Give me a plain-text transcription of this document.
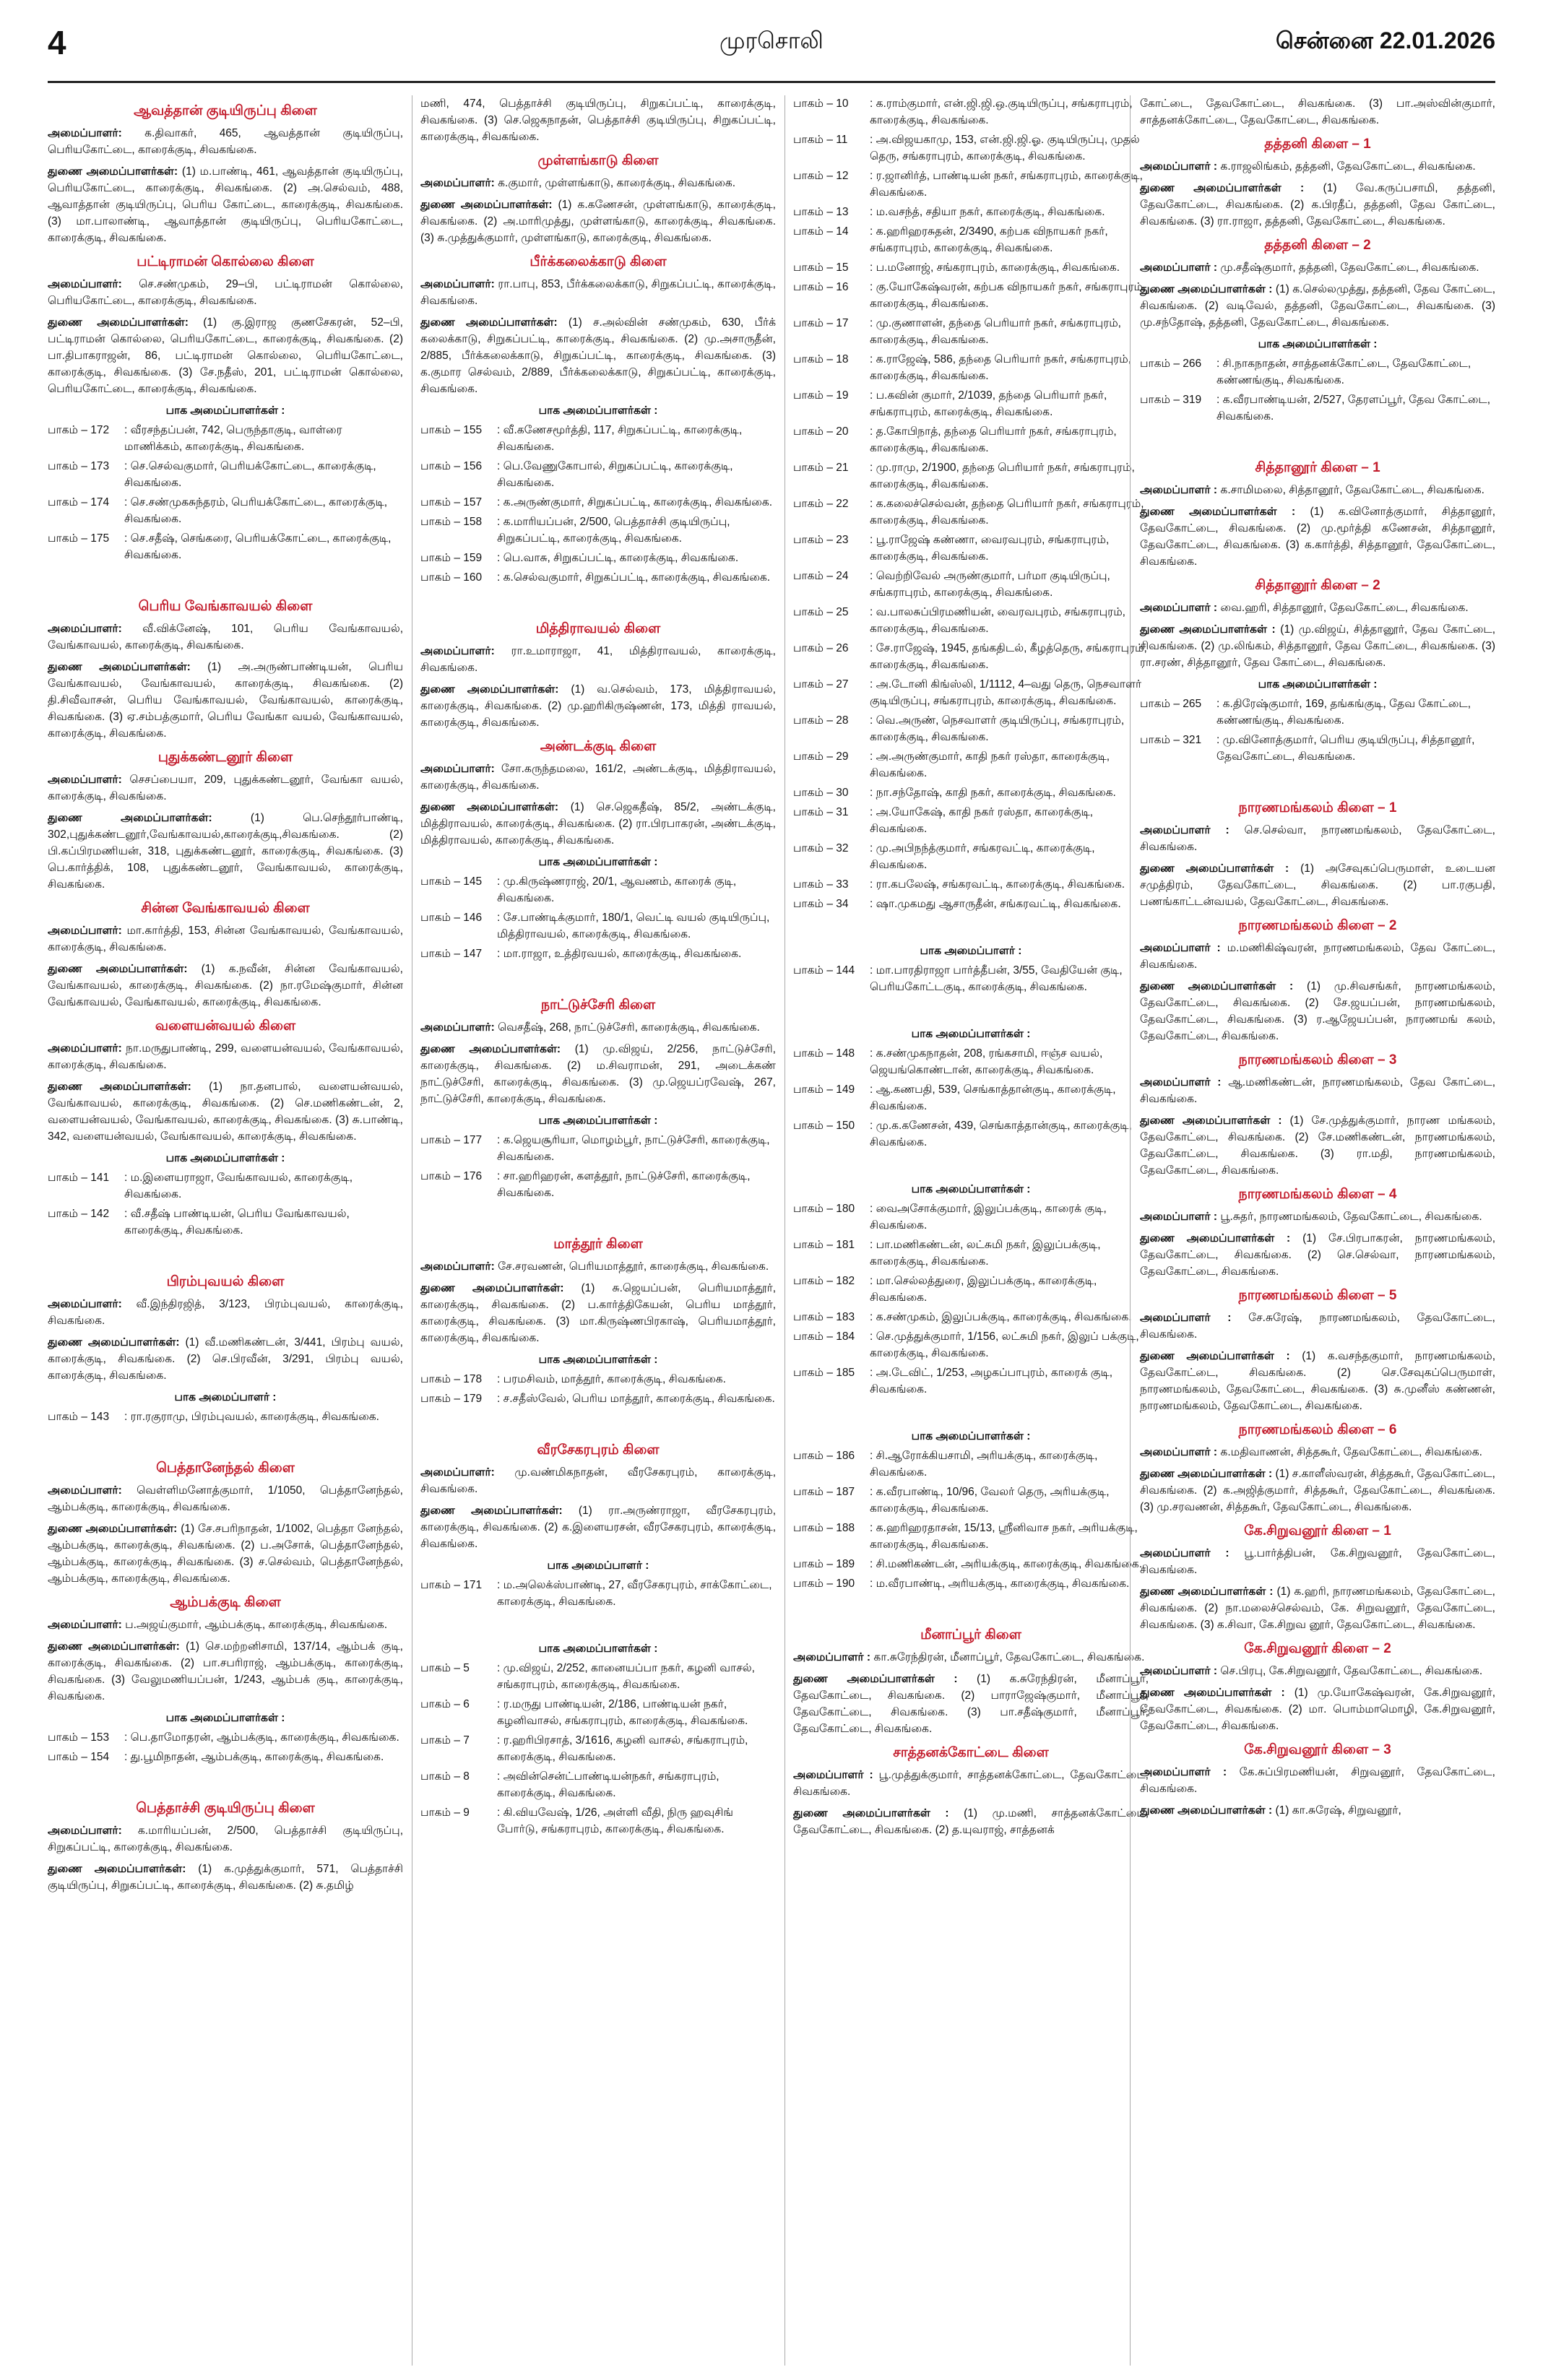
4	முரசொலி	சென்னை 22.01.2026
ஆவத்தான் குடியிருப்பு கிளை
அமைப்பாளர்: க.திவாகர், 465, ஆவத்தான் குடியிருப்பு, பெரியகோட்டை, காரைக்குடி, சிவகங்கை.
துணை அமைப்பாளர்கள்: (1) ம.பாண்டி, 461, ஆவத்தான் குடியிருப்பு, பெரியகோட்டை, காரைக்குடி, சிவகங்கை. (2) அ.செல்வம், 488, ஆவாத்தான் குடியிருப்பு, பெரிய கோட்டை, காரைக்குடி, சிவகங்கை. (3) மா.பாலாண்டி, ஆவாத்தான் குடியிருப்பு, பெரியகோட்டை, காரைக்குடி, சிவகங்கை.
பட்டிராமன் கொல்லை கிளை
அமைப்பாளர்: செ.சண்முகம், 29–பி, பட்டிராமன் கொல்லை, பெரியகோட்டை, காரைக்குடி, சிவகங்கை.
துணை அமைப்பாளர்கள்: (1) கு.இராஜ குணசேகரன், 52–பி, பட்டிராமன் கொல்லை, பெரியகோட்டை, காரைக்குடி, சிவகங்கை. (2) பா.திபாகராஜன், 86, பட்டிராமன் கொல்லை, பெரியகோட்டை, காரைக்குடி, சிவகங்கை. (3) சே.நதீஸ், 201, பட்டிராமன் கொல்லை, பெரியகோட்டை, காரைக்குடி, சிவகங்கை.
பாக அமைப்பாளர்கள் :
பாகம் – 172	: வீரசந்தப்பன், 742, பெருந்தாகுடி, வாள்ரை மாணிக்கம், காரைக்குடி, சிவகங்கை.
பாகம் – 173	: செ.செல்வகுமார், பெரியக்கோட்டை, காரைக்குடி, சிவகங்கை.
பாகம் – 174	: செ.சண்முகசுந்தரம், பெரியக்கோட்டை, காரைக்குடி, சிவகங்கை.
பாகம் – 175	: செ.சதீஷ், செங்கரை, பெரியக்கோட்டை, காரைக்குடி, சிவகங்கை.
பெரிய வேங்காவயல் கிளை
அமைப்பாளர்: வீ.விக்னேஷ், 101, பெரிய வேங்காவயல், வேங்காவயல், காரைக்குடி, சிவகங்கை.
துணை அமைப்பாளர்கள்: (1) அ.அருண்பாண்டியன், பெரிய வேங்காவயல், வேங்காவயல், காரைக்குடி, சிவகங்கை. (2) தி.சிவீவாசன், பெரிய வேங்காவயல், வேங்காவயல், காரைக்குடி, சிவகங்கை. (3) ஏ.சம்பத்குமார், பெரிய வேங்கா வயல், வேங்காவயல், காரைக்குடி, சிவகங்கை.
புதுக்கண்டனூர் கிளை
அமைப்பாளர்: செசப்பையா, 209, புதுக்கண்டனூர், வேங்கா வயல், காரைக்குடி, சிவகங்கை.
துணை அமைப்பாளர்கள்:	(1) பெ.செந்தூர்பாண்டி, 302,புதுக்கண்டனூர்,வேங்காவயல்,காரைக்குடி,சிவகங்கை. (2) பி.கப்பிரமணியன், 318, புதுக்கண்டனூர், காரைக்குடி, சிவகங்கை. (3) பெ.கார்த்திக், 108, புதுக்கண்டனூர், வேங்காவயல், காரைக்குடி, சிவகங்கை.
சின்ன வேங்காவயல் கிளை
அமைப்பாளர்: மா.கார்த்தி, 153, சின்ன வேங்காவயல், வேங்காவயல், காரைக்குடி, சிவகங்கை.
துணை அமைப்பாளர்கள்: (1) க.நவீன், சின்ன வேங்காவயல், வேங்காவயல், காரைக்குடி, சிவகங்கை. (2) நா.ரமேஷ்குமார், சின்ன வேங்காவயல், வேங்காவயல், காரைக்குடி, சிவகங்கை.
வளையன்வயல் கிளை
அமைப்பாளர்: நா.மருதுபாண்டி, 299, வளையன்வயல், வேங்காவயல், காரைக்குடி, சிவகங்கை.
துணை அமைப்பாளர்கள்: (1) நா.தனபால், வளையன்வயல், வேங்காவயல், காரைக்குடி, சிவகங்கை. (2) செ.மணிகண்டன், 2, வளையன்வயல், வேங்காவயல், காரைக்குடி, சிவகங்கை. (3) சு.பாண்டி, 342, வளையன்வயல், வேங்காவயல், காரைக்குடி, சிவகங்கை.
பாக அமைப்பாளர்கள் :
பாகம் – 141	: ம.இளையராஜா, வேங்காவயல், காரைக்குடி, சிவகங்கை.
பாகம் – 142	: வீ.சதீஷ் பாண்டியன், பெரிய வேங்காவயல், காரைக்குடி, சிவகங்கை.
பிரம்புவயல் கிளை
அமைப்பாளர்: வீ.இந்திரஜித், 3/123, பிரம்புவயல், காரைக்குடி, சிவகங்கை.
துணை அமைப்பாளர்கள்: (1) வீ.மணிகண்டன், 3/441, பிரம்பு வயல், காரைக்குடி, சிவகங்கை. (2) செ.பிரவீன், 3/291, பிரம்பு வயல், காரைக்குடி, சிவகங்கை.
பாக அமைப்பாளர் :
பாகம் – 143	: ரா.ரகுராமு, பிரம்புவயல், காரைக்குடி, சிவகங்கை.
பெத்தானேந்தல் கிளை
அமைப்பாளர்: வெள்ளிமனோத்குமார், 1/1050, பெத்தானேந்தல், ஆம்பக்குடி, காரைக்குடி, சிவகங்கை.
துணை அமைப்பாளர்கள்: (1) சே.சபரிநாதன், 1/1002, பெத்தா னேந்தல், ஆம்பக்குடி, காரைக்குடி, சிவகங்கை. (2) ப.அசோக், பெத்தானேந்தல், ஆம்பக்குடி, காரைக்குடி, சிவகங்கை. (3) ச.செல்வம், பெத்தானேந்தல், ஆம்பக்குடி, காரைக்குடி, சிவகங்கை.
ஆம்பக்குடி கிளை
அமைப்பாளர்: ப.அஜய்குமார், ஆம்பக்குடி, காரைக்குடி, சிவகங்கை.
துணை அமைப்பாளர்கள்: (1) செ.மற்றனிசாமி, 137/14, ஆம்பக் குடி, காரைக்குடி, சிவகங்கை. (2) பா.சபரிராஜ், ஆம்பக்குடி, காரைக்குடி, சிவகங்கை. (3) வேலுமணியப்பன், 1/243, ஆம்பக் குடி, காரைக்குடி, சிவகங்கை.
பாக அமைப்பாளர்கள் :
பாகம் – 153	: பெ.தாமோதரன், ஆம்பக்குடி, காரைக்குடி, சிவகங்கை.
பாகம் – 154	: து.பூமிநாதன், ஆம்பக்குடி, காரைக்குடி, சிவகங்கை.
பெத்தாச்சி குடியிருப்பு கிளை
அமைப்பாளர்: க.மாரியப்பன், 2/500, பெத்தாச்சி குடியிருப்பு, சிறுகப்பட்டி, காரைக்குடி, சிவகங்கை.
துணை அமைப்பாளர்கள்: (1) க.முத்துக்குமார், 571, பெத்தாச்சி குடியிருப்பு, சிறுகப்பட்டி, காரைக்குடி, சிவகங்கை. (2) சு.தமிழ்
மணி, 474, பெத்தாச்சி குடியிருப்பு, சிறுகப்பட்டி, காரைக்குடி, சிவகங்கை. (3) செ.ஜெகநாதன், பெத்தாச்சி குடியிருப்பு, சிறுகப்பட்டி, காரைக்குடி, சிவகங்கை.
முள்ளங்காடு கிளை
அமைப்பாளர்: க.குமார், முள்ளங்காடு, காரைக்குடி, சிவகங்கை.
துணை அமைப்பாளர்கள்: (1) க.கணேசன், முள்ளங்காடு, காரைக்குடி, சிவகங்கை. (2) அ.மாரிமுத்து, முள்ளங்காடு, காரைக்குடி, சிவகங்கை. (3) சு.முத்துக்குமார், முள்ளங்காடு, காரைக்குடி, சிவகங்கை.
பீர்க்கலைக்காடு கிளை
அமைப்பாளர்: ரா.பாபு, 853, பீர்க்கலைக்காடு, சிறுகப்பட்டி, காரைக்குடி, சிவகங்கை.
துணை அமைப்பாளர்கள்: (1) ச.அல்வின் சண்முகம், 630, பீர்க் கலைக்காடு, சிறுகப்பட்டி, காரைக்குடி, சிவகங்கை. (2) மு.அசாருதீன், 2/885, பீர்க்கலைக்காடு, சிறுகப்பட்டி, காரைக்குடி, சிவகங்கை. (3) க.குமார செல்வம், 2/889, பீர்க்கலைக்காடு, சிறுகப்பட்டி, காரைக்குடி, சிவகங்கை.
பாக அமைப்பாளர்கள் :
பாகம் – 155	: வீ.கணேசமூர்த்தி, 117, சிறுகப்பட்டி, காரைக்குடி, சிவகங்கை.
பாகம் – 156	: பெ.வேணுகோபால், சிறுகப்பட்டி, காரைக்குடி, சிவகங்கை.
பாகம் – 157	: க.அருண்குமார், சிறுகப்பட்டி, காரைக்குடி, சிவகங்கை.
பாகம் – 158	: க.மாரியப்பன், 2/500, பெத்தாச்சி குடியிருப்பு, சிறுகப்பட்டி, காரைக்குடி, சிவகங்கை.
பாகம் – 159	: பெ.வாசு, சிறுகப்பட்டி, காரைக்குடி, சிவகங்கை.
பாகம் – 160	: க.செல்வகுமார், சிறுகப்பட்டி, காரைக்குடி, சிவகங்கை.
மித்திராவயல் கிளை
அமைப்பாளர்: ரா.உமாராஜா, 41, மித்திராவயல், காரைக்குடி, சிவகங்கை.
துணை அமைப்பாளர்கள்: (1) வ.செல்வம், 173, மித்திராவயல், காரைக்குடி, சிவகங்கை. (2) மு.ஹரிகிருஷ்ணன், 173, மித்தி ராவயல், காரைக்குடி, சிவகங்கை.
அண்டக்குடி கிளை
அமைப்பாளர்: சோ.கருந்தமலை, 161/2, அண்டக்குடி, மித்திராவயல், காரைக்குடி, சிவகங்கை.
துணை அமைப்பாளர்கள்: (1) செ.ஜெகதீஷ், 85/2, அண்டக்குடி, மித்திராவயல், காரைக்குடி, சிவகங்கை. (2) ரா.பிரபாகரன், அண்டக்குடி, மித்திராவயல், காரைக்குடி, சிவகங்கை.
பாக அமைப்பாளர்கள் :
பாகம் – 145	: மு.கிருஷ்ணராஜ், 20/1, ஆவணம், காரைக் குடி, சிவகங்கை.
பாகம் – 146	: சே.பாண்டிக்குமார், 180/1, வெட்டி வயல் குடியிருப்பு, மித்திராவயல், காரைக்குடி, சிவகங்கை.
பாகம் – 147	: மா.ராஜா, உத்திரவயல், காரைக்குடி, சிவகங்கை.
நாட்டுச்சேரி கிளை
அமைப்பாளர்: வெசதீஷ், 268, நாட்டுச்சேரி, காரைக்குடி, சிவகங்கை.
துணை அமைப்பாளர்கள்: (1) மு.விஜய், 2/256, நாட்டுச்சேரி, காரைக்குடி, சிவகங்கை. (2) ம.சிவராமன், 291, அடைக்கண் நாட்டுச்சேரி, காரைக்குடி, சிவகங்கை. (3) மு.ஜெயப்ரவேஷ், 267, நாட்டுச்சேரி, காரைக்குடி, சிவகங்கை.
பாக அமைப்பாளர்கள் :
பாகம் – 177	: க.ஜெயசூரியா, மொழம்பூர், நாட்டுச்சேரி, காரைக்குடி, சிவகங்கை.
பாகம் – 176	: சா.ஹரிஹரன், களத்தூர், நாட்டுச்சேரி, காரைக்குடி, சிவகங்கை.
மாத்தூர் கிளை
அமைப்பாளர்: சே.சரவணன், பெரியமாத்தூர், காரைக்குடி, சிவகங்கை.
துணை அமைப்பாளர்கள்: (1) சு.ஜெயப்பன், பெரியமாத்தூர், காரைக்குடி, சிவகங்கை. (2) ப.கார்த்திகேயன், பெரிய மாத்தூர், காரைக்குடி, சிவகங்கை. (3) மா.கிருஷ்ணபிரகாஷ், பெரியமாத்தூர், காரைக்குடி, சிவகங்கை.
பாக அமைப்பாளர்கள் :
பாகம் – 178	: பரமசிவம், மாத்தூர், காரைக்குடி, சிவகங்கை.
பாகம் – 179	: ச.சதீஸ்வேல், பெரிய மாத்தூர், காரைக்குடி, சிவகங்கை.
வீரசேகரபுரம் கிளை
அமைப்பாளர்: மு.வண்மிகநாதன், வீரசேகரபுரம், காரைக்குடி, சிவகங்கை.
துணை அமைப்பாளர்கள்: (1) ரா.அருண்ராஜா, வீரசேகரபுரம், காரைக்குடி, சிவகங்கை. (2) க.இளையரசன், வீரசேகரபுரம், காரைக்குடி, சிவகங்கை.
பாக அமைப்பாளர் :
பாகம் – 171	: ம.அலெக்ஸ்பாண்டி, 27, வீரசேகரபுரம், சாக்கோட்டை, காரைக்குடி, சிவகங்கை.
பாக அமைப்பாளர்கள் :
பாகம் – 5	: மு.விஜய், 2/252, கானையப்பா நகர், கழனி வாசல், சங்கராபுரம், காரைக்குடி, சிவகங்கை.
பாகம் – 6	: ர.மருது பாண்டியன், 2/186, பாண்டியன் நகர், கழனிவாசல், சங்கராபுரம், காரைக்குடி, சிவகங்கை.
பாகம் – 7	: ர.ஹரிபிரசாத், 3/1616, கழனி வாசல், சங்கராபுரம், காரைக்குடி, சிவகங்கை.
பாகம் – 8	: அவின்சென்ட்பாண்டியன்நகர், சங்கராபுரம், காரைக்குடி, சிவகங்கை.
பாகம் – 9	: கி.வியவேஷ், 1/26, அள்ளி வீதி, நிரு ஹவுசிங் போர்டு, சங்கராபுரம், காரைக்குடி, சிவகங்கை.
பாகம் – 10	: க.ராம்குமார், என்.ஜி.ஜி.ஒ.குடியிருப்பு, சங்கராபுரம், காரைக்குடி, சிவகங்கை.
பாகம் – 11	: அ.விஜயகாமு, 153, என்.ஜி.ஜி.ஓ. குடியிருப்பு, முதல் தெரு, சங்கராபுரம், காரைக்குடி, சிவகங்கை.
பாகம் – 12	: ர.ஜானிர்த், பாண்டியன் நகர், சங்கராபுரம், காரைக்குடி, சிவகங்கை.
பாகம் – 13	: ம.வசந்த், சதியா நகர், காரைக்குடி, சிவகங்கை.
பாகம் – 14	: க.ஹரிஹரசுதன், 2/3490, கற்பக விநாயகர் நகர், சங்கராபுரம், காரைக்குடி, சிவகங்கை.
பாகம் – 15	: ப.மனோஜ், சங்கராபுரம், காரைக்குடி, சிவகங்கை.
பாகம் – 16	: கு.யோகேஷ்வரன், கற்பக விநாயகர் நகர், சங்கராபுரம், காரைக்குடி, சிவகங்கை.
பாகம் – 17	: மு.குணாளன், தந்தை பெரியார் நகர், சங்கராபுரம், காரைக்குடி, சிவகங்கை.
பாகம் – 18	: க.ராஜேஷ், 586, தந்தை பெரியார் நகர், சங்கராபுரம், காரைக்குடி, சிவகங்கை.
பாகம் – 19	: ப.கவின் குமார், 2/1039, தந்தை பெரியார் நகர், சங்கராபுரம், காரைக்குடி, சிவகங்கை.
பாகம் – 20	: த.கோபிநாத், தந்தை பெரியார் நகர், சங்கராபுரம், காரைக்குடி, சிவகங்கை.
பாகம் – 21	: மு.ராமு, 2/1900, தந்தை பெரியார் நகர், சங்கராபுரம், காரைக்குடி, சிவகங்கை.
பாகம் – 22	: க.கலைச்செல்வன், தந்தை பெரியார் நகர், சங்கராபுரம், காரைக்குடி, சிவகங்கை.
பாகம் – 23	: பூ.ராஜேஷ் கண்ணா, வைரவபுரம், சங்கராபுரம், காரைக்குடி, சிவகங்கை.
பாகம் – 24	: வெற்றிவேல் அருண்குமார், பர்மா குடியிருப்பு, சங்கராபுரம், காரைக்குடி, சிவகங்கை.
பாகம் – 25	: வ.பாலசுப்பிரமணியன், வைரவபுரம், சங்கராபுரம், காரைக்குடி, சிவகங்கை.
பாகம் – 26	: சே.ராஜேஷ், 1945, தங்கதிடல், கீழத்தெரு, சங்கராபுரம், காரைக்குடி, சிவகங்கை.
பாகம் – 27	: அ.டோனி கிங்ஸ்லி, 1/1112, 4–வது தெரு, நெசவாளர் குடியிருப்பு, சங்கராபுரம், காரைக்குடி, சிவகங்கை.
பாகம் – 28	: வெ.அருண், நெசவாளர் குடியிருப்பு, சங்கராபுரம், காரைக்குடி, சிவகங்கை.
பாகம் – 29	: அ.அருண்குமார், காதி நகர் ரஸ்தா, காரைக்குடி, சிவகங்கை.
பாகம் – 30	: நா.சந்தோஷ், காதி நகர், காரைக்குடி, சிவகங்கை.
பாகம் – 31	: அ.யோகேஷ், காதி நகர் ரஸ்தா, காரைக்குடி, சிவகங்கை.
பாகம் – 32	: மு.அபிநந்த்குமார், சங்கரவட்டி, காரைக்குடி, சிவகங்கை.
பாகம் – 33	: ரா.கபலேஷ், சங்கரவட்டி, காரைக்குடி, சிவகங்கை.
பாகம் – 34	: ஷா.முகமது ஆசாருதீன், சங்கரவட்டி, சிவகங்கை.
பாக அமைப்பாளர் :
பாகம் – 144	: மா.பாரதிராஜா பார்த்தீபன், 3/55, வேதியேன் குடி, பெரியகோட்டகுடி, காரைக்குடி, சிவகங்கை.
பாக அமைப்பாளர்கள் :
பாகம் – 148	: க.சண்முகநாதன், 208, ரங்கசாமி, ஈஞ்ச வயல், ஜெயங்கொண்டான், காரைக்குடி, சிவகங்கை.
பாகம் – 149	: ஆ.கணபதி, 539, செங்காத்தான்குடி, காரைக்குடி, சிவகங்கை.
பாகம் – 150	: மு.க.கணேசன், 439, செங்காத்தான்குடி, காரைக்குடி, சிவகங்கை.
பாக அமைப்பாளர்கள் :
பாகம் – 180	: வைஅசோக்குமார், இலுப்பக்குடி, காரைக் குடி, சிவகங்கை.
பாகம் – 181	: பா.மணிகண்டன், லட்சுமி நகர், இலுப்பக்குடி, காரைக்குடி, சிவகங்கை.
பாகம் – 182	: மா.செல்லத்துரை, இலுப்பக்குடி, காரைக்குடி, சிவகங்கை.
பாகம் – 183	: க.சண்முகம், இலுப்பக்குடி, காரைக்குடி, சிவகங்கை.
பாகம் – 184	: செ.முத்துக்குமார், 1/156, லட்சுமி நகர், இலுப் பக்குடி, காரைக்குடி, சிவகங்கை.
பாகம் – 185	: அ.டேவிட், 1/253, அழகப்பாபுரம், காரைக் குடி, சிவகங்கை.
பாக அமைப்பாளர்கள் :
பாகம் – 186	: சி.ஆரோக்கியசாமி, அரியக்குடி, காரைக்குடி, சிவகங்கை.
பாகம் – 187	: க.வீரபாண்டி, 10/96, வேலர் தெரு, அரியக்குடி, காரைக்குடி, சிவகங்கை.
பாகம் – 188	: க.ஹரிஹரதாசன், 15/13, ஸ்ரீனிவாச நகர், அரியக்குடி, காரைக்குடி, சிவகங்கை.
பாகம் – 189	: சி.மணிகண்டன், அரியக்குடி, காரைக்குடி, சிவகங்கை.
பாகம் – 190	: ம.வீரபாண்டி, அரியக்குடி, காரைக்குடி, சிவகங்கை.
மீனாப்பூர் கிளை
அமைப்பாளர் : கா.சுரேந்திரன், மீனாப்பூர், தேவகோட்டை, சிவகங்கை.
துணை அமைப்பாளர்கள் : (1) க.சுரேந்திரன், மீனாப்பூர், தேவகோட்டை, சிவகங்கை. (2) பாராஜேஷ்குமார், மீனாப்பூர், தேவகோட்டை, சிவகங்கை. (3) பா.சதீஷ்குமார், மீனாப்பூர், தேவகோட்டை, சிவகங்கை.
சாத்தனக்கோட்டை கிளை
அமைப்பாளர் : பூ.முத்துக்குமார், சாத்தனக்கோட்டை, தேவகோட்டை, சிவகங்கை.
துணை அமைப்பாளர்கள் : (1) மு.மணி, சாத்தனக்கோட்டை, தேவகோட்டை, சிவகங்கை. (2) த.யுவராஜ், சாத்தனக்
கோட்டை, தேவகோட்டை, சிவகங்கை. (3) பா.அஸ்வின்குமார், சாத்தனக்கோட்டை, தேவகோட்டை, சிவகங்கை.
தத்தனி கிளை – 1
அமைப்பாளர் : க.ராஜலிங்கம், தத்தனி, தேவகோட்டை, சிவகங்கை.
துணை அமைப்பாளர்கள் : (1) வே.கருப்பசாமி, தத்தனி, தேவகோட்டை, சிவகங்கை. (2) க.பிரதீப், தத்தனி, தேவ கோட்டை, சிவகங்கை. (3) ரா.ராஜா, தத்தனி, தேவகோட்டை, சிவகங்கை.
தத்தனி கிளை – 2
அமைப்பாளர் : மு.சதீஷ்குமார், தத்தனி, தேவகோட்டை, சிவகங்கை.
துணை அமைப்பாளர்கள் : (1) க.செல்லமுத்து, தத்தனி, தேவ கோட்டை, சிவகங்கை. (2) வடிவேல், தத்தனி, தேவகோட்டை, சிவகங்கை. (3) மு.சந்தோஷ், தத்தனி, தேவகோட்டை, சிவகங்கை.
பாக அமைப்பாளர்கள் :
பாகம் – 266	: சி.நாகநாதன், சாத்தனக்கோட்டை, தேவகோட்டை, கண்ணங்குடி, சிவகங்கை.
பாகம் – 319	: க.வீரபாண்டியன், 2/527, தேரளப்பூர், தேவ கோட்டை, சிவகங்கை.
சித்தானூர் கிளை – 1
அமைப்பாளர் : க.சாமிமலை, சித்தானூர், தேவகோட்டை, சிவகங்கை.
துணை அமைப்பாளர்கள் : (1) க.வினோத்குமார், சித்தானூர், தேவகோட்டை, சிவகங்கை. (2) மு.மூர்த்தி கணேசன், சித்தானூர், தேவகோட்டை, சிவகங்கை. (3) க.கார்த்தி, சித்தானூர், தேவகோட்டை, சிவகங்கை.
சித்தானூர் கிளை – 2
அமைப்பாளர் : வை.ஹரி, சித்தானூர், தேவகோட்டை, சிவகங்கை.
துணை அமைப்பாளர்கள் : (1) மு.விஜய், சித்தானூர், தேவ கோட்டை, சிவகங்கை. (2) மு.லிங்கம், சித்தானூர், தேவ கோட்டை, சிவகங்கை. (3) ரா.சரண், சித்தானூர், தேவ கோட்டை, சிவகங்கை.
பாக அமைப்பாளர்கள் :
பாகம் – 265	: க.திரேஷ்குமார், 169, தங்கங்குடி, தேவ கோட்டை, கண்ணங்குடி, சிவகங்கை.
பாகம் – 321	: மு.வினோத்குமார், பெரிய குடியிருப்பு, சித்தானூர், தேவகோட்டை, சிவகங்கை.
நாரணமங்கலம் கிளை – 1
அமைப்பாளர் : செ.செல்வா, நாரணமங்கலம், தேவகோட்டை, சிவகங்கை.
துணை அமைப்பாளர்கள் : (1) அசேவுகப்பெருமாள், உடையன சமுத்திரம், தேவகோட்டை, சிவகங்கை. (2) பா.ரகுபதி, பணங்காட்டன்வயல், தேவகோட்டை, சிவகங்கை.
நாரணமங்கலம் கிளை – 2
அமைப்பாளர் : ம.மணிகிஷ்வரன், நாரணமங்கலம், தேவ கோட்டை, சிவகங்கை.
துணை அமைப்பாளர்கள் : (1) மு.சிவசங்கர், நாரணமங்கலம், தேவகோட்டை, சிவகங்கை. (2) சே.ஜயப்பன், நாரணமங்கலம், தேவகோட்டை, சிவகங்கை. (3) ர.ஆஜேயப்பன், நாரணமங் கலம், தேவகோட்டை, சிவகங்கை.
நாரணமங்கலம் கிளை – 3
அமைப்பாளர் : ஆ.மணிகண்டன், நாரணமங்கலம், தேவ கோட்டை, சிவகங்கை.
துணை அமைப்பாளர்கள் : (1) சே.முத்துக்குமார், நாரண மங்கலம், தேவகோட்டை, சிவகங்கை. (2) சே.மணிகண்டன், நாரணமங்கலம், தேவகோட்டை, சிவகங்கை. (3) ரா.மதி, நாரணமங்கலம், தேவகோட்டை, சிவகங்கை.
நாரணமங்கலம் கிளை – 4
அமைப்பாளர் : பூ.சுதர், நாரணமங்கலம், தேவகோட்டை, சிவகங்கை.
துணை அமைப்பாளர்கள் : (1) சே.பிரபாகரன், நாரணமங்கலம், தேவகோட்டை, சிவகங்கை. (2) செ.செல்வா, நாரணமங்கலம், தேவகோட்டை, சிவகங்கை.
நாரணமங்கலம் கிளை – 5
அமைப்பாளர் : சே.சுரேஷ், நாரணமங்கலம், தேவகோட்டை, சிவகங்கை.
துணை அமைப்பாளர்கள் : (1) க.வசந்தகுமார், நாரணமங்கலம், தேவகோட்டை, சிவகங்கை. (2) செ.சேவுகப்பெருமாள், நாரணமங்கலம், தேவகோட்டை, சிவகங்கை. (3) சு.முனீஸ் கண்ணன், நாரணமங்கலம், தேவகோட்டை, சிவகங்கை.
நாரணமங்கலம் கிளை – 6
அமைப்பாளர் : க.மதிவாணன், சித்தகூர், தேவகோட்டை, சிவகங்கை.
துணை அமைப்பாளர்கள் : (1) ச.காளீஸ்வரன், சித்தகூர், தேவகோட்டை, சிவகங்கை. (2) க.அஜித்குமார், சித்தகூர், தேவகோட்டை, சிவகங்கை. (3) மு.சரவணன், சித்தகூர், தேவகோட்டை, சிவகங்கை.
கே.சிறுவனூர் கிளை – 1
அமைப்பாளர் : பூ.பார்த்திபன், கே.சிறுவனூர், தேவகோட்டை, சிவகங்கை.
துணை அமைப்பாளர்கள் : (1) க.ஹரி, நாரணமங்கலம், தேவகோட்டை, சிவகங்கை. (2) நா.மலைச்செல்வம், கே. சிறுவனூர், தேவகோட்டை, சிவகங்கை. (3) க.சிவா, கே.சிறுவ னூர், தேவகோட்டை, சிவகங்கை.
கே.சிறுவனூர் கிளை – 2
அமைப்பாளர் : செ.பிரபு, கே.சிறுவனூர், தேவகோட்டை, சிவகங்கை.
துணை அமைப்பாளர்கள் : (1) மு.யோகேஷ்வரன், கே.சிறுவனூர், தேவகோட்டை, சிவகங்கை. (2) மா. பொம்மாமொழி, கே.சிறுவனூர், தேவகோட்டை, சிவகங்கை.
கே.சிறுவனூர் கிளை – 3
அமைப்பாளர் : கே.சுப்பிரமணியன், சிறுவனூர், தேவகோட்டை, சிவகங்கை.
துணை அமைப்பாளர்கள் : (1) கா.சுரேஷ், சிறுவனூர்,
